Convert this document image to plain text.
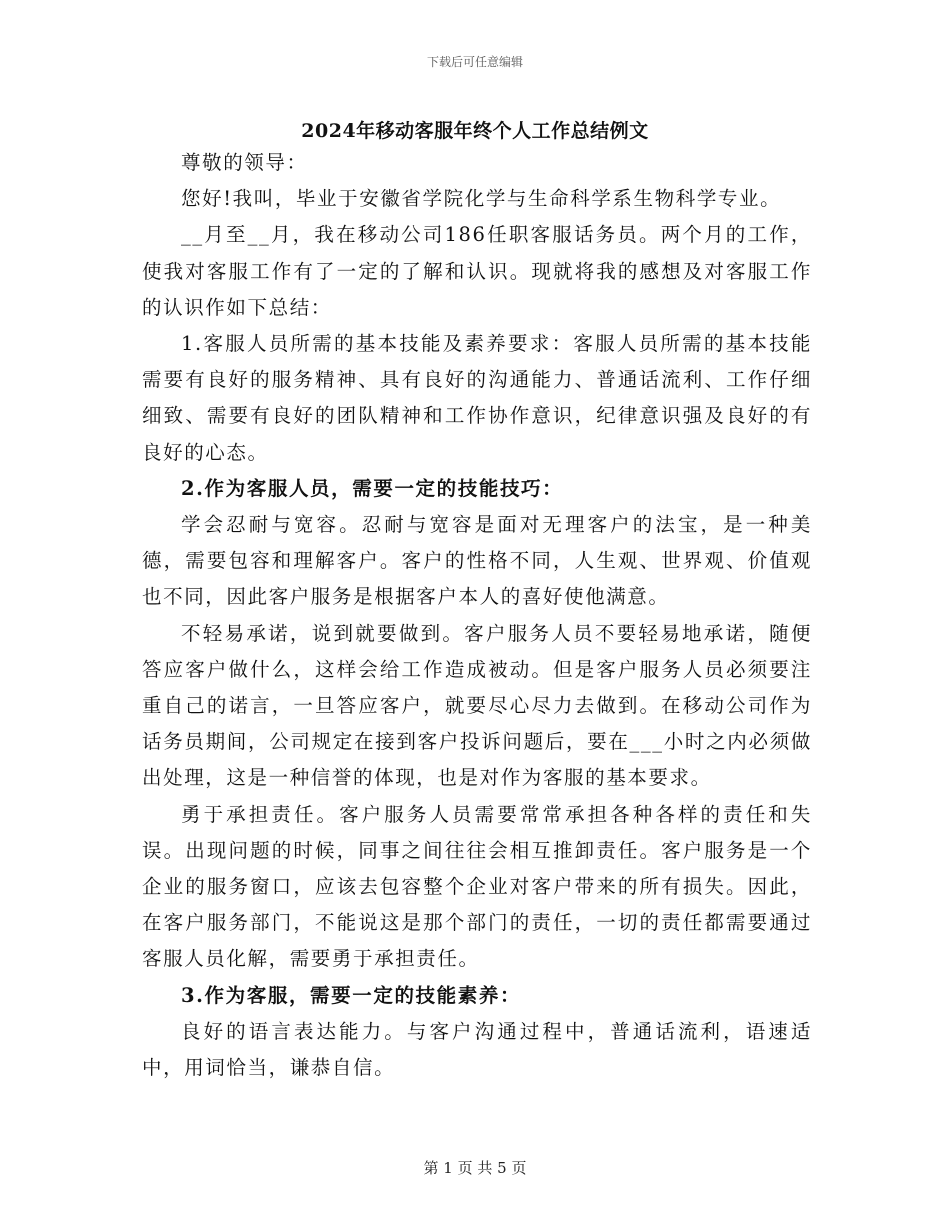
下载后可任意编辑
2024年移动客服年终个人工作总结例文

尊敬的领导：

您好!我叫，毕业于安徽省学院化学与生命科学系生物科学专业。

__月至__月，我在移动公司186任职客服话务员。两个月的工作，使我对客服工作有了一定的了解和认识。现就将我的感想及对客服工作的认识作如下总结：

1.客服人员所需的基本技能及素养要求：客服人员所需的基本技能需要有良好的服务精神、具有良好的沟通能力、普通话流利、工作仔细细致、需要有良好的团队精神和工作协作意识，纪律意识强及良好的有良好的心态。

2.作为客服人员，需要一定的技能技巧：

学会忍耐与宽容。忍耐与宽容是面对无理客户的法宝，是一种美德，需要包容和理解客户。客户的性格不同，人生观、世界观、价值观也不同，因此客户服务是根据客户本人的喜好使他满意。

不轻易承诺，说到就要做到。客户服务人员不要轻易地承诺，随便答应客户做什么，这样会给工作造成被动。但是客户服务人员必须要注重自己的诺言，一旦答应客户，就要尽心尽力去做到。在移动公司作为话务员期间，公司规定在接到客户投诉问题后，要在___小时之内必须做出处理，这是一种信誉的体现，也是对作为客服的基本要求。

勇于承担责任。客户服务人员需要常常承担各种各样的责任和失误。出现问题的时候，同事之间往往会相互推卸责任。客户服务是一个企业的服务窗口，应该去包容整个企业对客户带来的所有损失。因此，在客户服务部门，不能说这是那个部门的责任，一切的责任都需要通过客服人员化解，需要勇于承担责任。

3.作为客服，需要一定的技能素养：

良好的语言表达能力。与客户沟通过程中，普通话流利，语速适中，用词恰当，谦恭自信。

第 1 页 共 5 页
